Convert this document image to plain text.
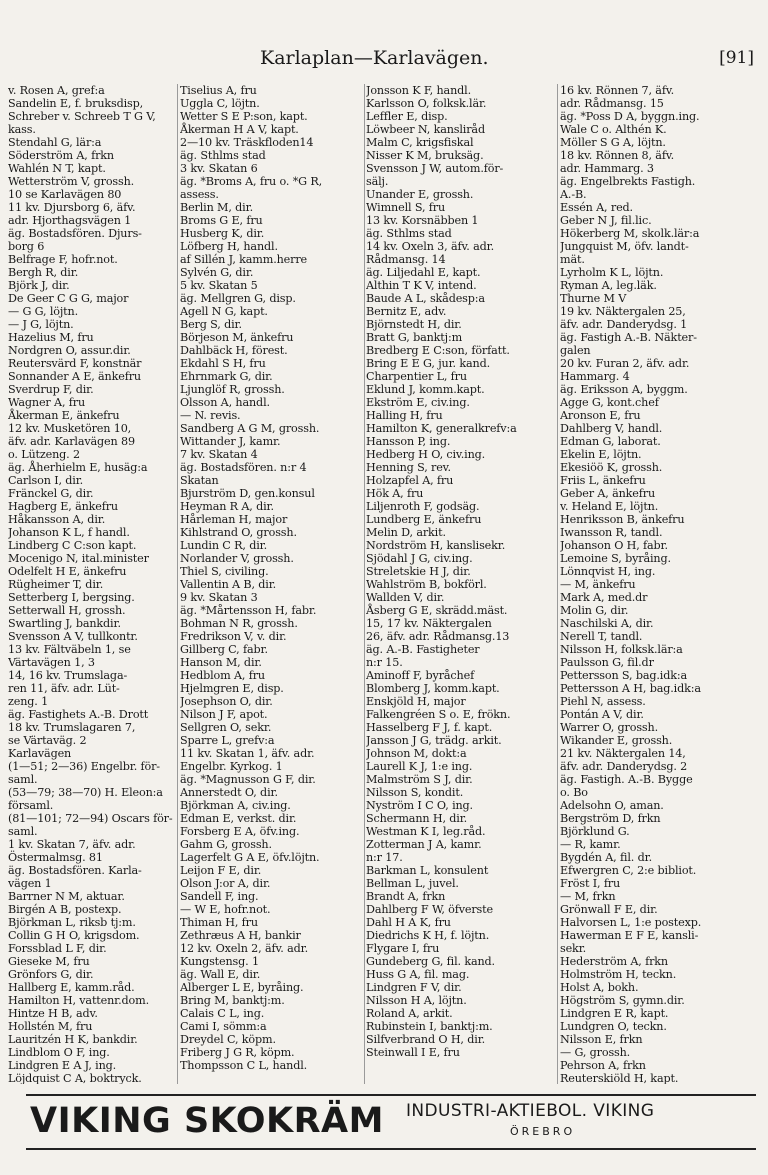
Karlaplan—Karlavägen.	[91]
v. Rosen A, gref:a
Sandelin E, f. bruksdisp,
Schreber v. Schreeb T G V,
kass.
Stendahl G, lär:a
Söderström A, frkn
Wahlén N T, kapt.
Wetterström V, grossh.
10 se Karlavägen 80
11 kv. Djursborg 6, äfv.
adr. Hjorthagsvägen 1
äg. Bostadsfören. Djurs-
borg 6
Belfrage F, hofr.not.
Bergh R, dir.
Björk J, dir.
De Geer C G G, major
— G G, löjtn.
— J G, löjtn.
Hazelius M, fru
Nordgren O, assur.dir.
Reutersvärd F, konstnär
Sonnander A E, änkefru
Sverdrup F, dir.
Wagner A, fru
Åkerman E, änkefru
12 kv. Musketören 10,
äfv. adr. Karlavägen 89
o. Lützeng. 2
äg. Åherhielm E, husäg:a
Carlson I, dir.
Fränckel G, dir.
Hagberg E, änkefru
Håkansson A, dir.
Johanson K L, f handl.
Lindberg C C:son kapt.
Mocenigo N, ital.minister
Odelfelt H E, änkefru
Rügheimer T, dir.
Setterberg I, bergsing.
Setterwall H, grossh.
Swartling J, bankdir.
Svensson A V, tullkontr.
13 kv. Fältväbeln 1, se
Värtavägen 1, 3
14, 16 kv. Trumslaga-
ren 11, äfv. adr. Lüt-
zeng. 1
äg. Fastighets A.-B. Drott
18 kv. Trumslagaren 7,
se Värtaväg. 2
Karlavägen
(1—51; 2—36) Engelbr. för-
saml.
(53—79; 38—70) H. Eleon:a
församl.
(81—101; 72—94) Oscars för-
saml.
1 kv. Skatan 7, äfv. adr.
Östermalmsg. 81
äg. Bostadsfören. Karla-
vägen 1
Barrner N M, aktuar.
Birgén A B, postexp.
Björkman L, riksb tj:m.
Collin G H O, krigsdom.
Forssblad L F, dir.
Gieseke M, fru
Grönfors G, dir.
Hallberg E, kamm.råd.
Hamilton H, vattenr.dom.
Hintze H B, adv.
Hollstén M, fru
Lauritzén H K, bankdir.
Lindblom O F, ing.
Lindgren E A J, ing.
Löjdquist C A, boktryck.
Tiselius A, fru
Uggla C, löjtn.
Wetter S E P:son, kapt.
Åkerman H A V, kapt.
2—10 kv. Träskfloden14
äg. Sthlms stad
3 kv. Skatan 6
äg. *Broms A, fru o. *G R,
assess.
Berlin M, dir.
Broms G E, fru
Husberg K, dir.
Löfberg H, handl.
af Sillén J, kamm.herre
Sylvén G, dir.
5 kv. Skatan 5
äg. Mellgren G, disp.
Agell N G, kapt.
Berg S, dir.
Börjeson M, änkefru
Dahlbäck H, förest.
Ekdahl S H, fru
Ehrnmark G, dir.
Ljunglöf R, grossh.
Olsson A, handl.
— N. revis.
Sandberg A G M, grossh.
Wittander J, kamr.
7 kv. Skatan 4
äg. Bostadsfören. n:r 4
Skatan
Bjurström D, gen.konsul
Heyman R A, dir.
Hårleman H, major
Kihlstrand O, grossh.
Lundin C R, dir.
Norlander V, grossh.
Thiel S, civiling.
Vallentin A B, dir.
9 kv. Skatan 3
äg. *Mårtensson H, fabr.
Bohman N R, grossh.
Fredrikson V, v. dir.
Gillberg C, fabr.
Hanson M, dir.
Hedblom A, fru
Hjelmgren E, disp.
Josephson O, dir.
Nilson J F, apot.
Sellgren O, sekr.
Sparre L, grefv:a
11 kv. Skatan 1, äfv. adr.
Engelbr. Kyrkog. 1
äg. *Magnusson G F, dir.
Annerstedt O, dir.
Björkman A, civ.ing.
Edman E, verkst. dir.
Forsberg E A, öfv.ing.
Gahm G, grossh.
Lagerfelt G A E, öfv.löjtn.
Leijon F E, dir.
Olson J:or A, dir.
Sandell F, ing.
— W E, hofr.not.
Thiman H, fru
Zethræus A H, bankir
12 kv. Oxeln 2, äfv. adr.
Kungstensg. 1
äg. Wall E, dir.
Alberger L E, byråing.
Bring M, banktj:m.
Calais C L, ing.
Cami I, sömm:a
Dreydel C, köpm.
Friberg J G R, köpm.
Thompsson C L, handl.
Jonsson K F, handl.
Karlsson O, folksk.lär.
Leffler E, disp.
Löwbeer N, kansliråd
Malm C, krigsfiskal
Nisser K M, bruksäg.
Svensson J W, autom.för-
sälj.
Unander E, grossh.
Wimnell S, fru
13 kv. Korsnäbben 1
äg. Sthlms stad
14 kv. Oxeln 3, äfv. adr.
Rådmansg. 14
äg. Liljedahl E, kapt.
Althin T K V, intend.
Baude A L, skådesp:a
Bernitz E, adv.
Björnstedt H, dir.
Bratt G, banktj:m
Bredberg E C:son, författ.
Bring E E G, jur. kand.
Charpentier L, fru
Eklund J, komm.kapt.
Ekström E, civ.ing.
Halling H, fru
Hamilton K, generalkrefv:a
Hansson P, ing.
Hedberg H O, civ.ing.
Henning S, rev.
Holzapfel A, fru
Hök A, fru
Liljenroth F, godsäg.
Lundberg E, änkefru
Melin D, arkit.
Nordström H, kanslisekr.
Sjödahl J G, civ.ing.
Streletskie H J, dir.
Wahlström B, bokförl.
Wallden V, dir.
Åsberg G E, skrädd.mäst.
15, 17 kv. Näktergalen
26, äfv. adr. Rådmansg.13
äg. A.-B. Fastigheter
n:r 15.
Aminoff F, byråchef
Blomberg J, komm.kapt.
Enskjöld H, major
Falkengréen S o. E, frökn.
Hasselberg F J, f. kapt.
Jansson J G, trädg. arkit.
Johnson M, dokt:a
Laurell K J, 1:e ing.
Malmström S J, dir.
Nilsson S, kondit.
Nyström I C O, ing.
Schermann H, dir.
Westman K I, leg.råd.
Zotterman J A, kamr.
n:r 17.
Barkman L, konsulent
Bellman L, juvel.
Brandt A, frkn
Dahlberg F W, öfverste
Dahl H A K, fru
Diedrichs K H, f. löjtn.
Flygare I, fru
Gundeberg G, fil. kand.
Huss G A, fil. mag.
Lindgren F V, dir.
Nilsson H A, löjtn.
Roland A, arkit.
Rubinstein I, banktj:m.
Silfverbrand O H, dir.
Steinwall I E, fru
16 kv. Rönnen 7, äfv.
adr. Rådmansg. 15
äg. *Poss D A, byggn.ing.
Wale C o. Althén K.
Möller S G A, löjtn.
18 kv. Rönnen 8, äfv.
adr. Hammarg. 3
äg. Engelbrekts Fastigh.
A.-B.
Essén A, red.
Geber N J, fil.lic.
Hökerberg M, skolk.lär:a
Jungquist M, öfv. landt-
mät.
Lyrholm K L, löjtn.
Ryman A, leg.läk.
Thurne M V
19 kv. Näktergalen 25,
äfv. adr. Danderydsg. 1
äg. Fastigh A.-B. Näkter-
galen
20 kv. Furan 2, äfv. adr.
Hammarg. 4
äg. Eriksson A, byggm.
Agge G, kont.chef
Aronson E, fru
Dahlberg V, handl.
Edman G, laborat.
Ekelin E, löjtn.
Ekesiöö K, grossh.
Friis L, änkefru
Geber A, änkefru
v. Heland E, löjtn.
Henriksson B, änkefru
Iwansson R, tandl.
Johanson O H, fabr.
Lemoine S, byråing.
Lönnqvist H, ing.
— M, änkefru
Mark A, med.dr
Molin G, dir.
Naschilski A, dir.
Nerell T, tandl.
Nilsson H, folksk.lär:a
Paulsson G, fil.dr
Pettersson S, bag.idk:a
Pettersson A H, bag.idk:a
Piehl N, assess.
Pontán A V, dir.
Warrer O, grossh.
Wikander E, grossh.
21 kv. Näktergalen 14,
äfv. adr. Danderydsg. 2
äg. Fastigh. A.-B. Bygge
o. Bo
Adelsohn O, aman.
Bergström D, frkn
Björklund G.
— R, kamr.
Bygdén A, fil. dr.
Efwergren C, 2:e bibliot.
Fröst I, fru
— M, frkn
Grönwall F E, dir.
Halvorsen L, 1:e postexp.
Hawerman E F E, kansli-
sekr.
Hederström A, frkn
Holmström H, teckn.
Holst A, bokh.
Högström S, gymn.dir.
Lindgren E R, kapt.
Lundgren O, teckn.
Nilsson E, frkn
— G, grossh.
Pehrson A, frkn
Reuterskiöld H, kapt.
VIKING SKOKRÄM INDUSTRI-AKTIEBOL. VIKING
ÖREBRO
